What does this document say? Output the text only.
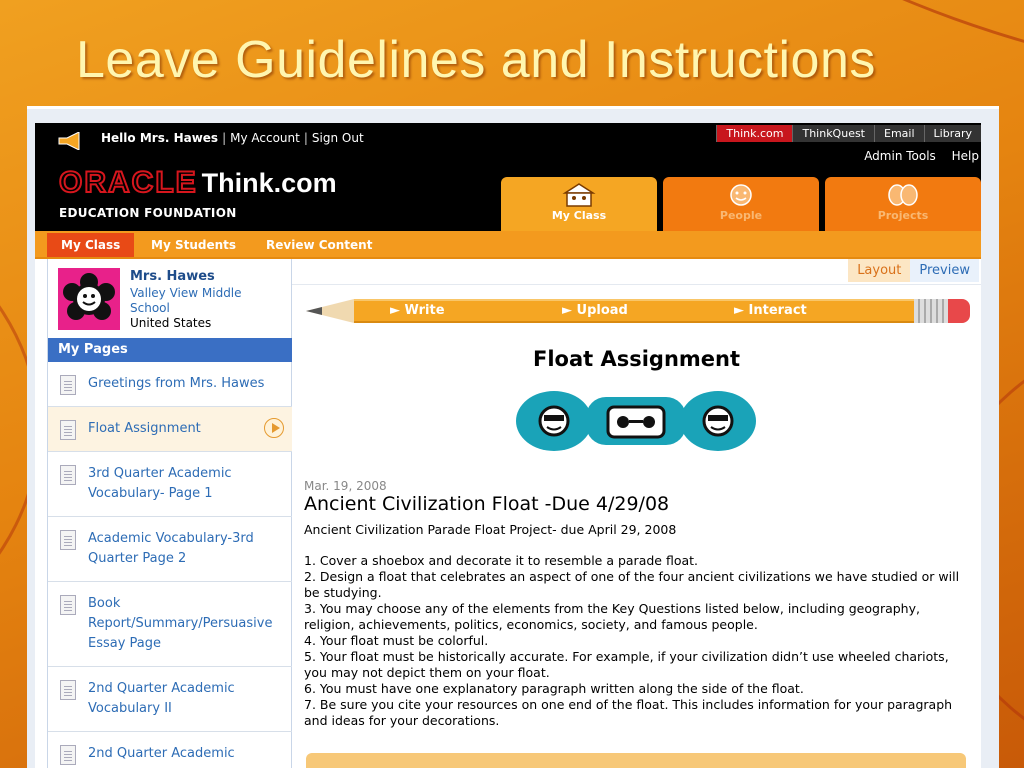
Leave Guidelines and Instructions
Hello Mrs. Hawes | My Account | Sign Out	Think.com	ThinkQuest	Email	Library
Admin Tools Help
ORACLE Think.com
EDUCATION FOUNDATION	My Class	People	Projects
My Class	My Students Review Content
Mrs. Hawes
Valley View Middle School
United States
My Pages
Greetings from Mrs. Hawes
Float Assignment
3rd Quarter Academic Vocabulary- Page 1
Academic Vocabulary-3rd Quarter Page 2
Book Report/Summary/Persuasive Essay Page
2nd Quarter Academic Vocabulary II
2nd Quarter Academic
Layout	Preview
► Write	► Upload	► Interact
Float Assignment
Mar. 19, 2008
Ancient Civilization Float -Due 4/29/08
Ancient Civilization Parade Float Project- due April 29, 2008

1. Cover a shoebox and decorate it to resemble a parade float.

2. Design a float that celebrates an aspect of one of the four ancient civilizations we have studied or will be studying.

3. You may choose any of the elements from the Key Questions listed below, including geography, religion, achievements, politics, economics, society, and famous people.

4. Your float must be colorful.

5. Your float must be historically accurate. For example, if your civilization didn’t use wheeled chariots, you may not depict them on your float.

6. You must have one explanatory paragraph written along the side of the float.

7. Be sure you cite your resources on one end of the float. This includes information for your paragraph and ideas for your decorations.
